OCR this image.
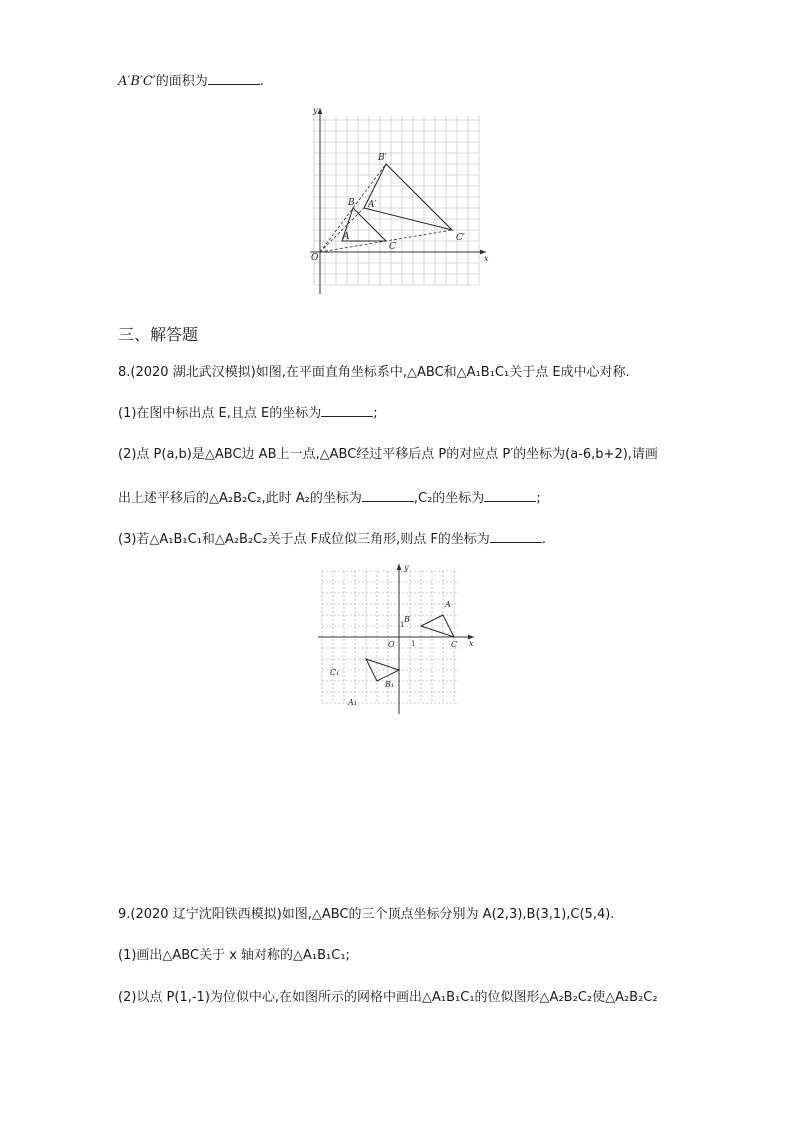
A′B′C′的面积为	.
y
x
O
A
B
C
A′
B′
C′
三、解答题
8.(2020 湖北武汉模拟)如图,在平面直角坐标系中,△ABC和△A₁B₁C₁关于点 E成中心对称.
(1)在图中标出点 E,且点 E的坐标为	;
(2)点 P(a,b)是△ABC边 AB上一点,△ABC经过平移后点 P的对应点 P′的坐标为(a-6,b+2),请画
出上述平移后的△A₂B₂C₂,此时 A₂的坐标为	,C₂的坐标为	;
(3)若△A₁B₁C₁和△A₂B₂C₂关于点 F成位似三角形,则点 F的坐标为	.
y
x
O 1
1
A
B
C
A₁
B₁
C₁
9.(2020 辽宁沈阳铁西模拟)如图,△ABC的三个顶点坐标分别为 A(2,3),B(3,1),C(5,4).
(1)画出△ABC关于 x 轴对称的△A₁B₁C₁;
(2)以点 P(1,-1)为位似中心,在如图所示的网格中画出△A₁B₁C₁的位似图形△A₂B₂C₂使△A₂B₂C₂
